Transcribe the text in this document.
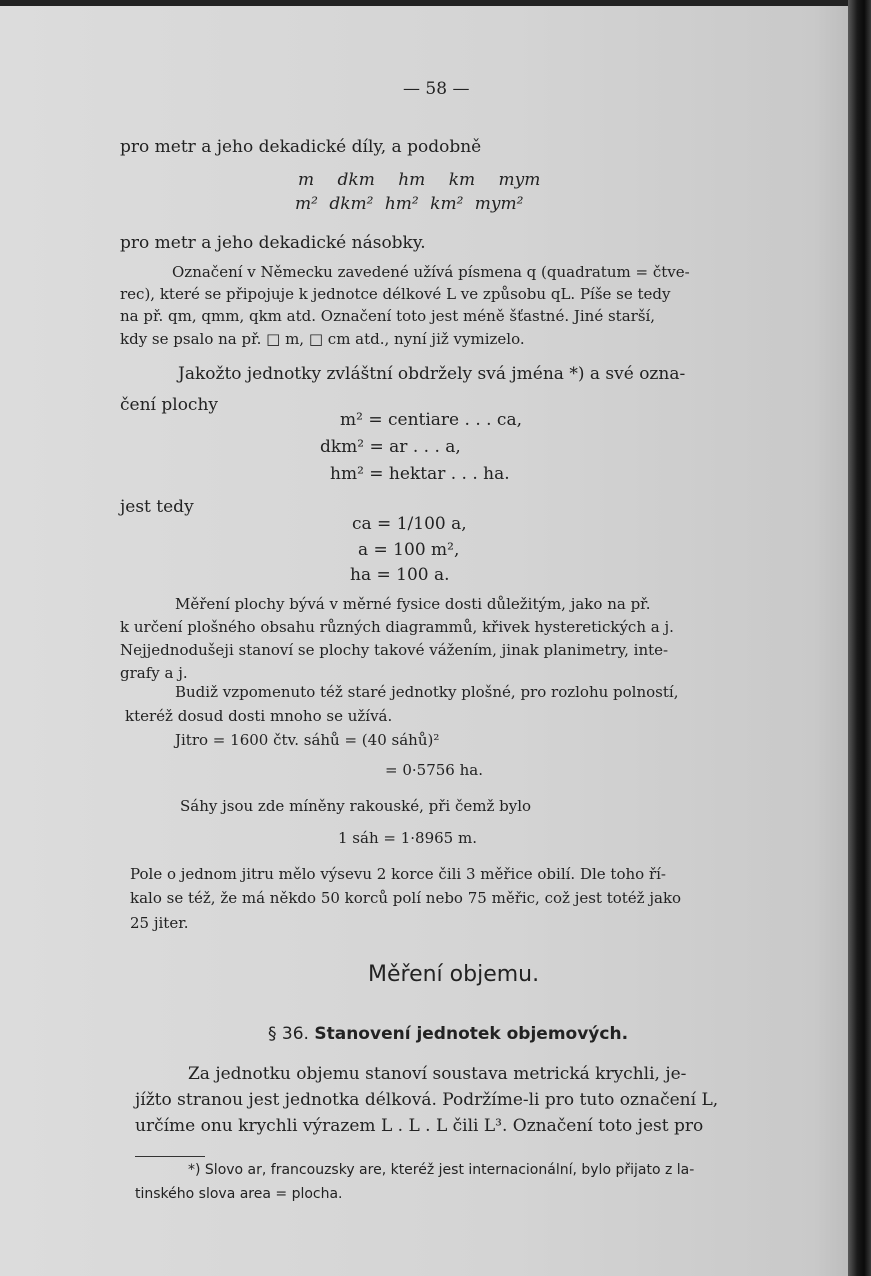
— 58 —
pro metr a jeho dekadické díly, a podobně
m dkm hm km mym
m² dkm² hm² km² mym²
pro metr a jeho dekadické násobky.
Označení v Německu zavedené užívá písmena q (quadratum = čtve-
rec), které se připojuje k jednotce délkové L ve způsobu qL. Píše se tedy
na př. qm, qmm, qkm atd. Označení toto jest méně šťastné. Jiné starší,
kdy se psalo na př. □ m, □ cm atd., nyní již vymizelo.
Jakožto jednotky zvláštní obdržely svá jména *) a své ozna-
čení plochy
m² = centiare . . . ca,
dkm² = ar . . . a,
hm² = hektar . . . ha.
jest tedy
ca = 1/100 a,
a = 100 m²,
ha = 100 a.
Měření plochy bývá v měrné fysice dosti důležitým, jako na př.
k určení plošného obsahu různých diagrammů, křivek hysteretických a j.
Nejjednodušeji stanoví se plochy takové vážením, jinak planimetry, inte-
grafy a j.
Budiž vzpomenuto též staré jednotky plošné, pro rozlohu polností,
kteréž dosud dosti mnoho se užívá.
Jitro = 1600 čtv. sáhů = (40 sáhů)²
= 0·5756 ha.
Sáhy jsou zde míněny rakouské, při čemž bylo
1 sáh = 1·8965 m.
Pole o jednom jitru mělo výsevu 2 korce čili 3 měřice obilí. Dle toho ří-
kalo se též, že má někdo 50 korců polí nebo 75 měřic, což jest totéž jako
25 jiter.
Měření objemu.
§ 36. Stanovení jednotek objemových.
Za jednotku objemu stanoví soustava metrická krychli, je-
jížto stranou jest jednotka délková. Podržíme-li pro tuto označení L,
určíme onu krychli výrazem L . L . L čili L³. Označení toto jest pro
*) Slovo ar, francouzsky are, kteréž jest internacionální, bylo přijato z la-
tinského slova area = plocha.
